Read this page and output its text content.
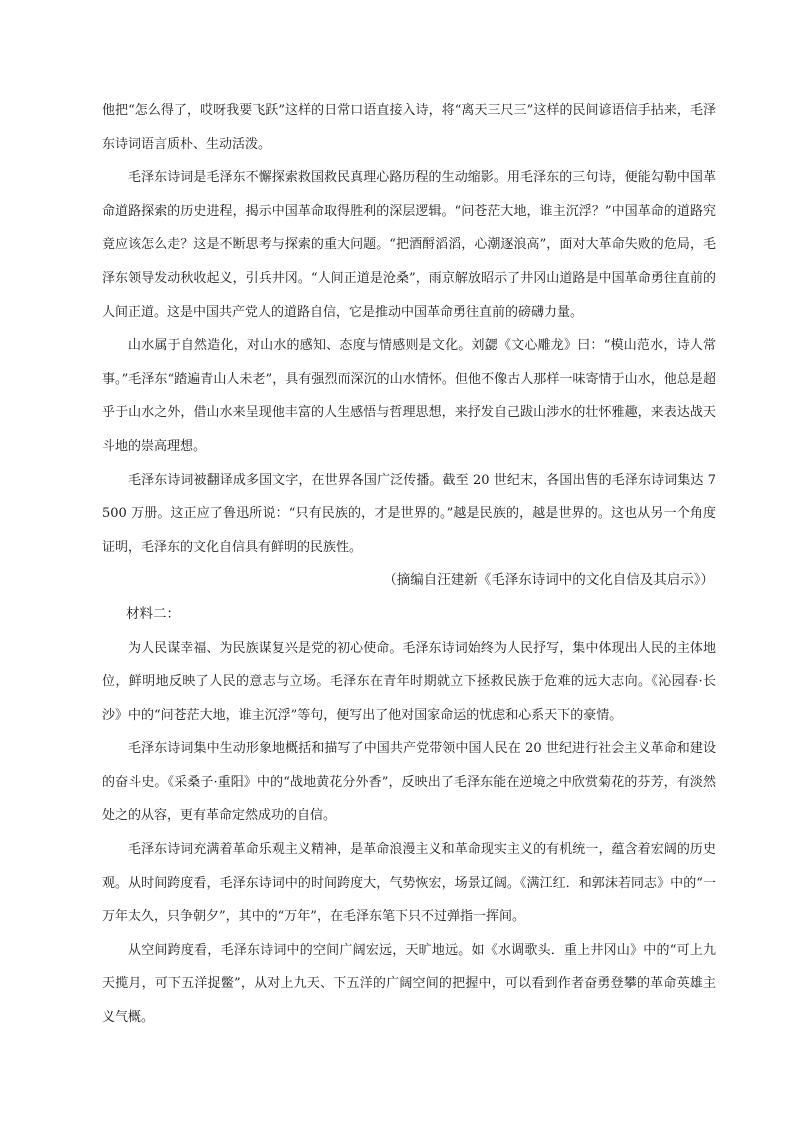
他把“怎么得了，哎呀我要飞跃”这样的日常口语直接入诗，将“离天三尺三”这样的民间谚语信手拈来，毛泽东诗词语言质朴、生动活泼。

毛泽东诗词是毛泽东不懈探索救国救民真理心路历程的生动缩影。用毛泽东的三句诗，便能勾勒中国革命道路探索的历史进程，揭示中国革命取得胜利的深层逻辑。“问苍茫大地，谁主沉浮？”中国革命的道路究竟应该怎么走？这是不断思考与探索的重大问题。“把酒酹滔滔，心潮逐浪高”，面对大革命失败的危局，毛泽东领导发动秋收起义，引兵井冈。“人间正道是沧桑”，雨京解放昭示了井冈山道路是中国革命勇往直前的人间正道。这是中国共产党人的道路自信，它是推动中国革命勇往直前的磅礴力量。

山水属于自然造化，对山水的感知、态度与情感则是文化。刘勰《文心雕龙》曰：“模山范水，诗人常事。”毛泽东“踏遍青山人未老”，具有强烈而深沉的山水情怀。但他不像古人那样一味寄情于山水，他总是超乎于山水之外，借山水来呈现他丰富的人生感悟与哲理思想，来抒发自己跋山涉水的壮怀雅趣，来表达战天斗地的崇高理想。

毛泽东诗词被翻译成多国文字，在世界各国广泛传播。截至 20 世纪末，各国出售的毛泽东诗词集达 7500 万册。这正应了鲁迅所说：“只有民族的，才是世界的。”越是民族的，越是世界的。这也从另一个角度证明，毛泽东的文化自信具有鲜明的民族性。

（摘编自汪建新《毛泽东诗词中的文化自信及其启示》）

材料二：

为人民谋幸福、为民族谋复兴是党的初心使命。毛泽东诗词始终为人民抒写，集中体现出人民的主体地位，鲜明地反映了人民的意志与立场。毛泽东在青年时期就立下拯救民族于危难的远大志向。《沁园春·长沙》中的“问苍茫大地，谁主沉浮”等句，便写出了他对国家命运的忧虑和心系天下的豪情。

毛泽东诗词集中生动形象地概括和描写了中国共产党带领中国人民在 20 世纪进行社会主义革命和建设的奋斗史。《采桑子·重阳》中的“战地黄花分外香”，反映出了毛泽东能在逆境之中欣赏菊花的芬芳，有淡然处之的从容，更有革命定然成功的自信。

毛泽东诗词充满着革命乐观主义精神，是革命浪漫主义和革命现实主义的有机统一，蕴含着宏阔的历史观。从时间跨度看，毛泽东诗词中的时间跨度大，气势恢宏，场景辽阔。《满江红．和郭沫若同志》中的“一万年太久，只争朝夕”，其中的“万年”，在毛泽东笔下只不过弹指一挥间。

从空间跨度看，毛泽东诗词中的空间广阔宏远，天旷地远。如《水调歌头．重上井冈山》中的“可上九天揽月，可下五洋捉鳖”，从对上九天、下五洋的广阔空间的把握中，可以看到作者奋勇登攀的革命英雄主义气概。
